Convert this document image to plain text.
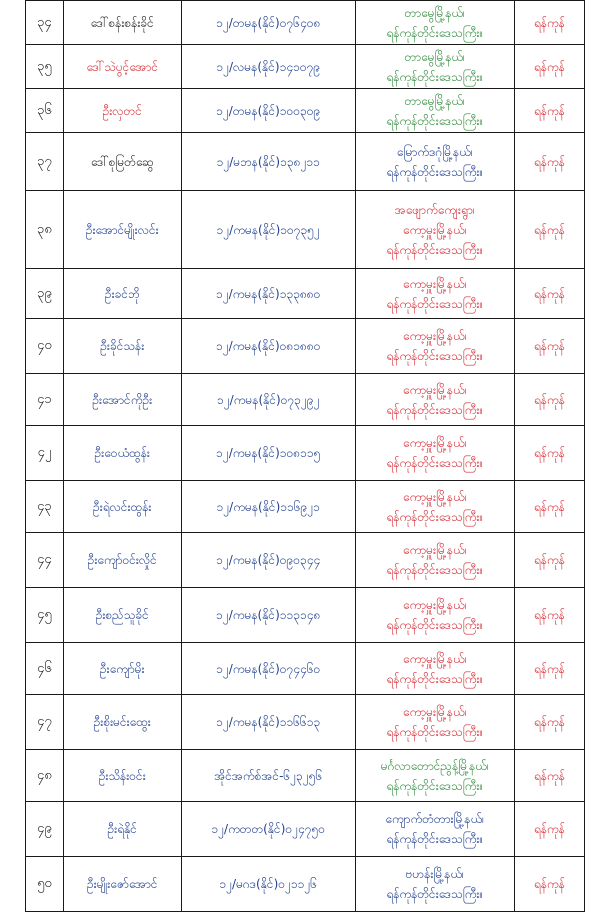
၃၄	ဒေါ်စန်းစန်းခိုင်	၁၂/တမန(နိုင်)၀၇၆၄၀၈	တာမွေမြို့နယ်၊
ရန်ကုန်တိုင်းဒေသကြီး။	ရန်ကုန်
၃၅	ဒေါ်သဲပွင့်အောင်	၁၂/လမန(နိုင်)၁၄၁၀၇၉	တာမွေမြို့နယ်၊
ရန်ကုန်တိုင်းဒေသကြီး။	ရန်ကုန်
၃၆	ဦးလှတင်	၁၂/တမန(နိုင်)၁၀၀၃၀၉	တာမွေမြို့နယ်၊
ရန်ကုန်တိုင်းဒေသကြီး။	ရန်ကုန်
၃၇	ဒေါ်စုမြတ်ဆွေ	၁၂/မဘန(နိုင်)၁၃၈၂၁၁	မြောက်ဒဂုံမြို့နယ်၊
ရန်ကုန်တိုင်းဒေသကြီး။	ရန်ကုန်
၃၈	ဦးအောင်မျိုးလင်း	၁၂/ကမန(နိုင်)၁၀၇၃၅၂	အဖျောက်ကျေးရွာ၊
ကော့မှူးမြို့နယ်၊
ရန်ကုန်တိုင်းဒေသကြီး။	ရန်ကုန်
၃၉	ဦးခင်ဘို	၁၂/ကမန(နိုင်)၁၃၃၈၈၀	ကော့မှူးမြို့နယ်၊
ရန်ကုန်တိုင်းဒေသကြီး။	ရန်ကုန်
၄၀	ဦးခိုင်သန်း	၁၂/ကမန(နိုင်)၀၈၁၈၈၀	ကော့မှူးမြို့နယ်၊
ရန်ကုန်တိုင်းဒေသကြီး။	ရန်ကုန်
၄၁	ဦးအောင်ကိုဦး	၁၂/ကမန(နိုင်)၀၇၃၂၉၂	ကော့မှူးမြို့နယ်၊
ရန်ကုန်တိုင်းဒေသကြီး။	ရန်ကုန်
၄၂	ဦးဝေယံထွန်း	၁၂/ကမန(နိုင်)၁၀၈၁၁၅	ကော့မှူးမြို့နယ်၊
ရန်ကုန်တိုင်းဒေသကြီး။	ရန်ကုန်
၄၃	ဦးရဲလင်းထွန်း	၁၂/ကမန(နိုင်)၁၁၆၉၂၁	ကော့မှူးမြို့နယ်၊
ရန်ကုန်တိုင်းဒေသကြီး။	ရန်ကုန်
၄၄	ဦးကျော်ဝင်းလှိုင်	၁၂/ကမန(နိုင်)၀၉၀၃၄၄	ကော့မှူးမြို့နယ်၊
ရန်ကုန်တိုင်းဒေသကြီး။	ရန်ကုန်
၄၅	ဦးစည်သူခိုင်	၁၂/ကမန(နိုင်)၁၁၃၁၄၈	ကော့မှူးမြို့နယ်၊
ရန်ကုန်တိုင်းဒေသကြီး။	ရန်ကုန်
၄၆	ဦးကျော်မိုး	၁၂/ကမန(နိုင်)၀၇၄၄၆၀	ကော့မှူးမြို့နယ်၊
ရန်ကုန်တိုင်းဒေသကြီး။	ရန်ကုန်
၄၇	ဦးစိုးမင်းထွေး	၁၂/ကမန(နိုင်)၁၁၆၆၁၃	ကော့မှူးမြို့နယ်၊
ရန်ကုန်တိုင်းဒေသကြီး။	ရန်ကုန်
၄၈	ဦးသိန်းဝင်း	အိုင်အက်စ်အင်-၆၂၃၂၅၆	မင်္ဂလာတောင်ညွန့်မြို့နယ်၊
ရန်ကုန်တိုင်းဒေသကြီး။	ရန်ကုန်
၄၉	ဦးရဲနိုင်	၁၂/ကတတ(နိုင်)၀၂၄၇၅၀	ကျောက်တံတားမြို့နယ်၊
ရန်ကုန်တိုင်းဒေသကြီး။	ရန်ကုန်
၅၀	ဦးမျိုးဇော်အောင်	၁၂/မဂဒ(နိုင်)၀၂၁၁၂၆	ဗဟန်းမြို့နယ်၊
ရန်ကုန်တိုင်းဒေသကြီး။	ရန်ကုန်
